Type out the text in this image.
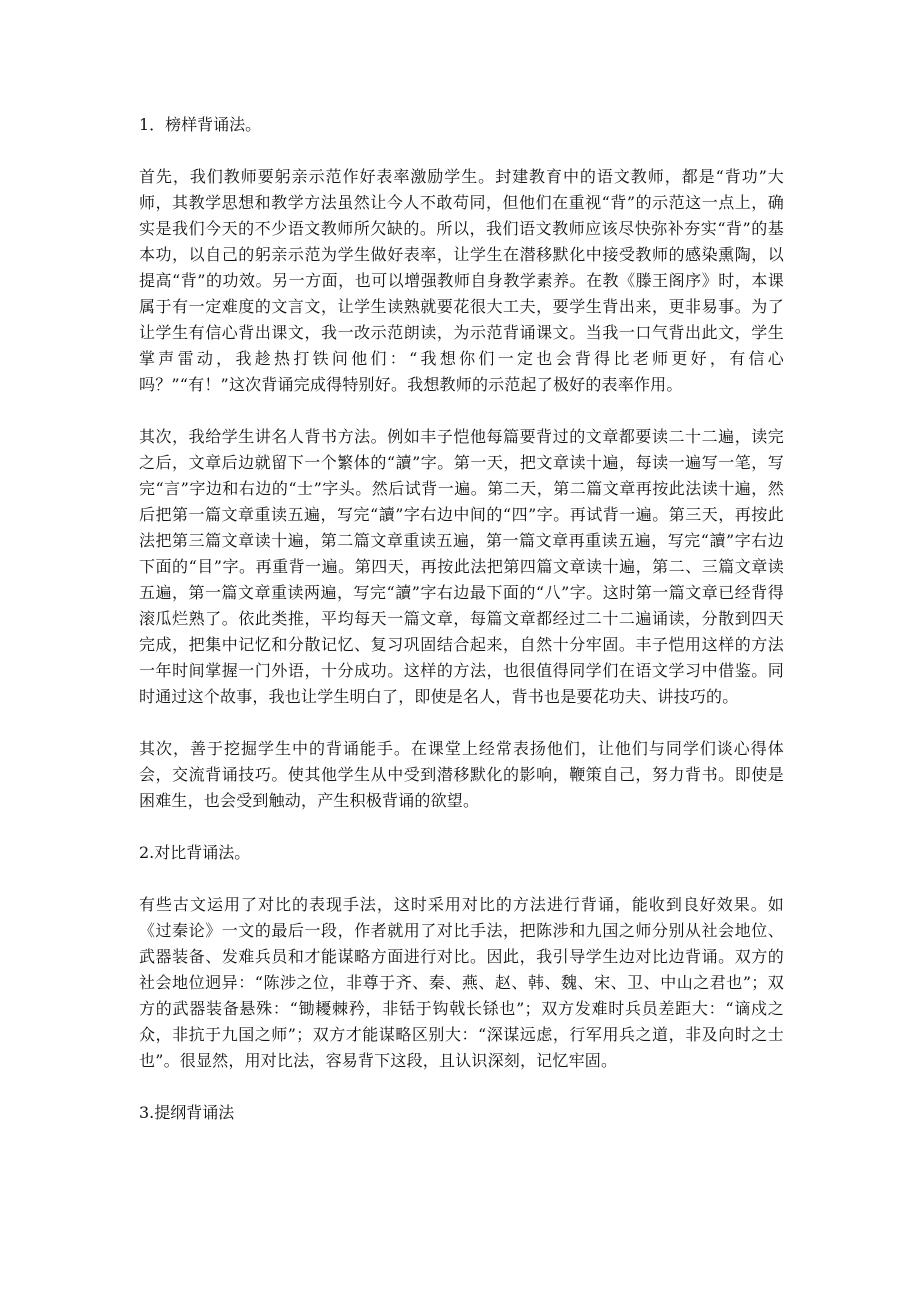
1．榜样背诵法。

首先，我们教师要躬亲示范作好表率激励学生。封建教育中的语文教师，都是“背功”大师，其教学思想和教学方法虽然让今人不敢苟同，但他们在重视“背”的示范这一点上，确实是我们今天的不少语文教师所欠缺的。所以，我们语文教师应该尽快弥补夯实“背”的基本功，以自己的躬亲示范为学生做好表率，让学生在潜移默化中接受教师的感染熏陶，以提高“背”的功效。另一方面，也可以增强教师自身教学素养。在教《滕王阁序》时，本课属于有一定难度的文言文，让学生读熟就要花很大工夫，要学生背出来，更非易事。为了让学生有信心背出课文，我一改示范朗读，为示范背诵课文。当我一口气背出此文，学生掌声雷动，我趁热打铁问他们：“我想你们一定也会背得比老师更好，有信心吗？”“有！”这次背诵完成得特别好。我想教师的示范起了极好的表率作用。

其次，我给学生讲名人背书方法。例如丰子恺他每篇要背过的文章都要读二十二遍，读完之后，文章后边就留下一个繁体的“讀”字。第一天，把文章读十遍，每读一遍写一笔，写完“言”字边和右边的“士”字头。然后试背一遍。第二天，第二篇文章再按此法读十遍，然后把第一篇文章重读五遍，写完“讀”字右边中间的“四”字。再试背一遍。第三天，再按此法把第三篇文章读十遍，第二篇文章重读五遍，第一篇文章再重读五遍，写完“讀”字右边下面的“目”字。再重背一遍。第四天，再按此法把第四篇文章读十遍，第二、三篇文章读五遍，第一篇文章重读两遍，写完“讀”字右边最下面的“八”字。这时第一篇文章已经背得滚瓜烂熟了。依此类推，平均每天一篇文章，每篇文章都经过二十二遍诵读，分散到四天完成，把集中记忆和分散记忆、复习巩固结合起来，自然十分牢固。丰子恺用这样的方法一年时间掌握一门外语，十分成功。这样的方法，也很值得同学们在语文学习中借鉴。同时通过这个故事，我也让学生明白了，即使是名人，背书也是要花功夫、讲技巧的。

其次，善于挖掘学生中的背诵能手。在课堂上经常表扬他们，让他们与同学们谈心得体会，交流背诵技巧。使其他学生从中受到潜移默化的影响，鞭策自己，努力背书。即使是困难生，也会受到触动，产生积极背诵的欲望。

2.对比背诵法。

有些古文运用了对比的表现手法，这时采用对比的方法进行背诵，能收到良好效果。如《过秦论》一文的最后一段，作者就用了对比手法，把陈涉和九国之师分别从社会地位、武器装备、发难兵员和才能谋略方面进行对比。因此，我引导学生边对比边背诵。双方的社会地位迥异：“陈涉之位，非尊于齐、秦、燕、赵、韩、魏、宋、卫、中山之君也”；双方的武器装备悬殊：“锄耰棘矜，非铦于钩戟长铩也”；双方发难时兵员差距大：“谪戍之众，非抗于九国之师”；双方才能谋略区别大：“深谋远虑，行军用兵之道，非及向时之士也”。很显然，用对比法，容易背下这段，且认识深刻，记忆牢固。

3.提纲背诵法
